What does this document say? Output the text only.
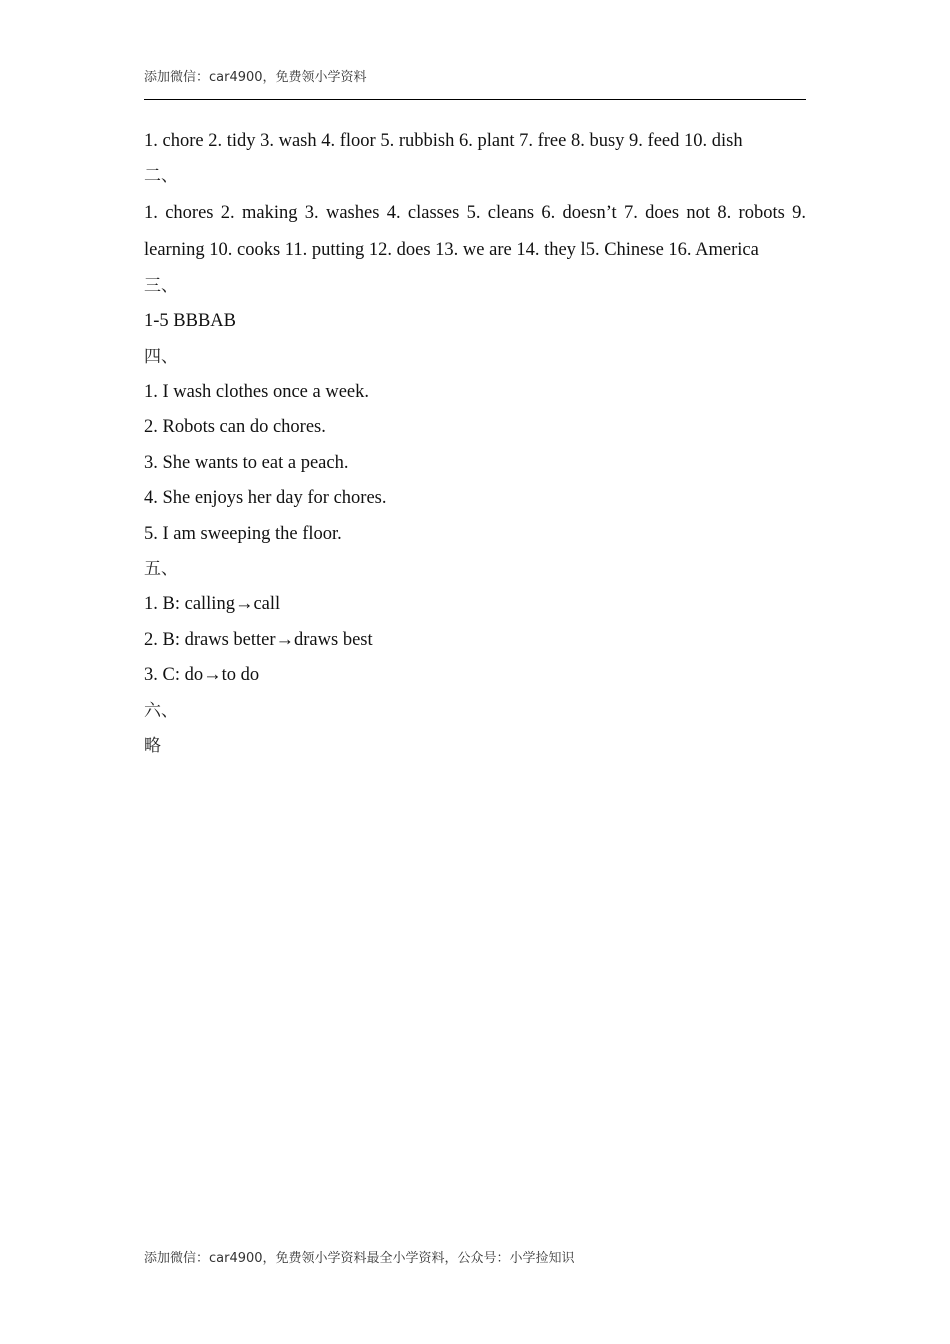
添加微信：car4900，免费领小学资料

1. chore 2. tidy 3. wash 4. floor 5. rubbish 6. plant 7. free 8. busy 9. feed 10. dish

二、

1. chores 2. making 3. washes 4. classes 5. cleans 6. doesn’t 7. does not 8. robots 9. learning 10. cooks 11. putting 12. does 13. we are 14. they l5. Chinese 16. America

三、

1-5 BBBAB

四、

1. I wash clothes once a week.

2. Robots can do chores.

3. She wants to eat a peach.

4. She enjoys her day for chores.

5. I am sweeping the floor.

五、

1. B: calling→call

2. B: draws better→draws best

3. C: do→to do

六、

略

添加微信：car4900，免费领小学资料最全小学资料，公众号：小学捡知识
